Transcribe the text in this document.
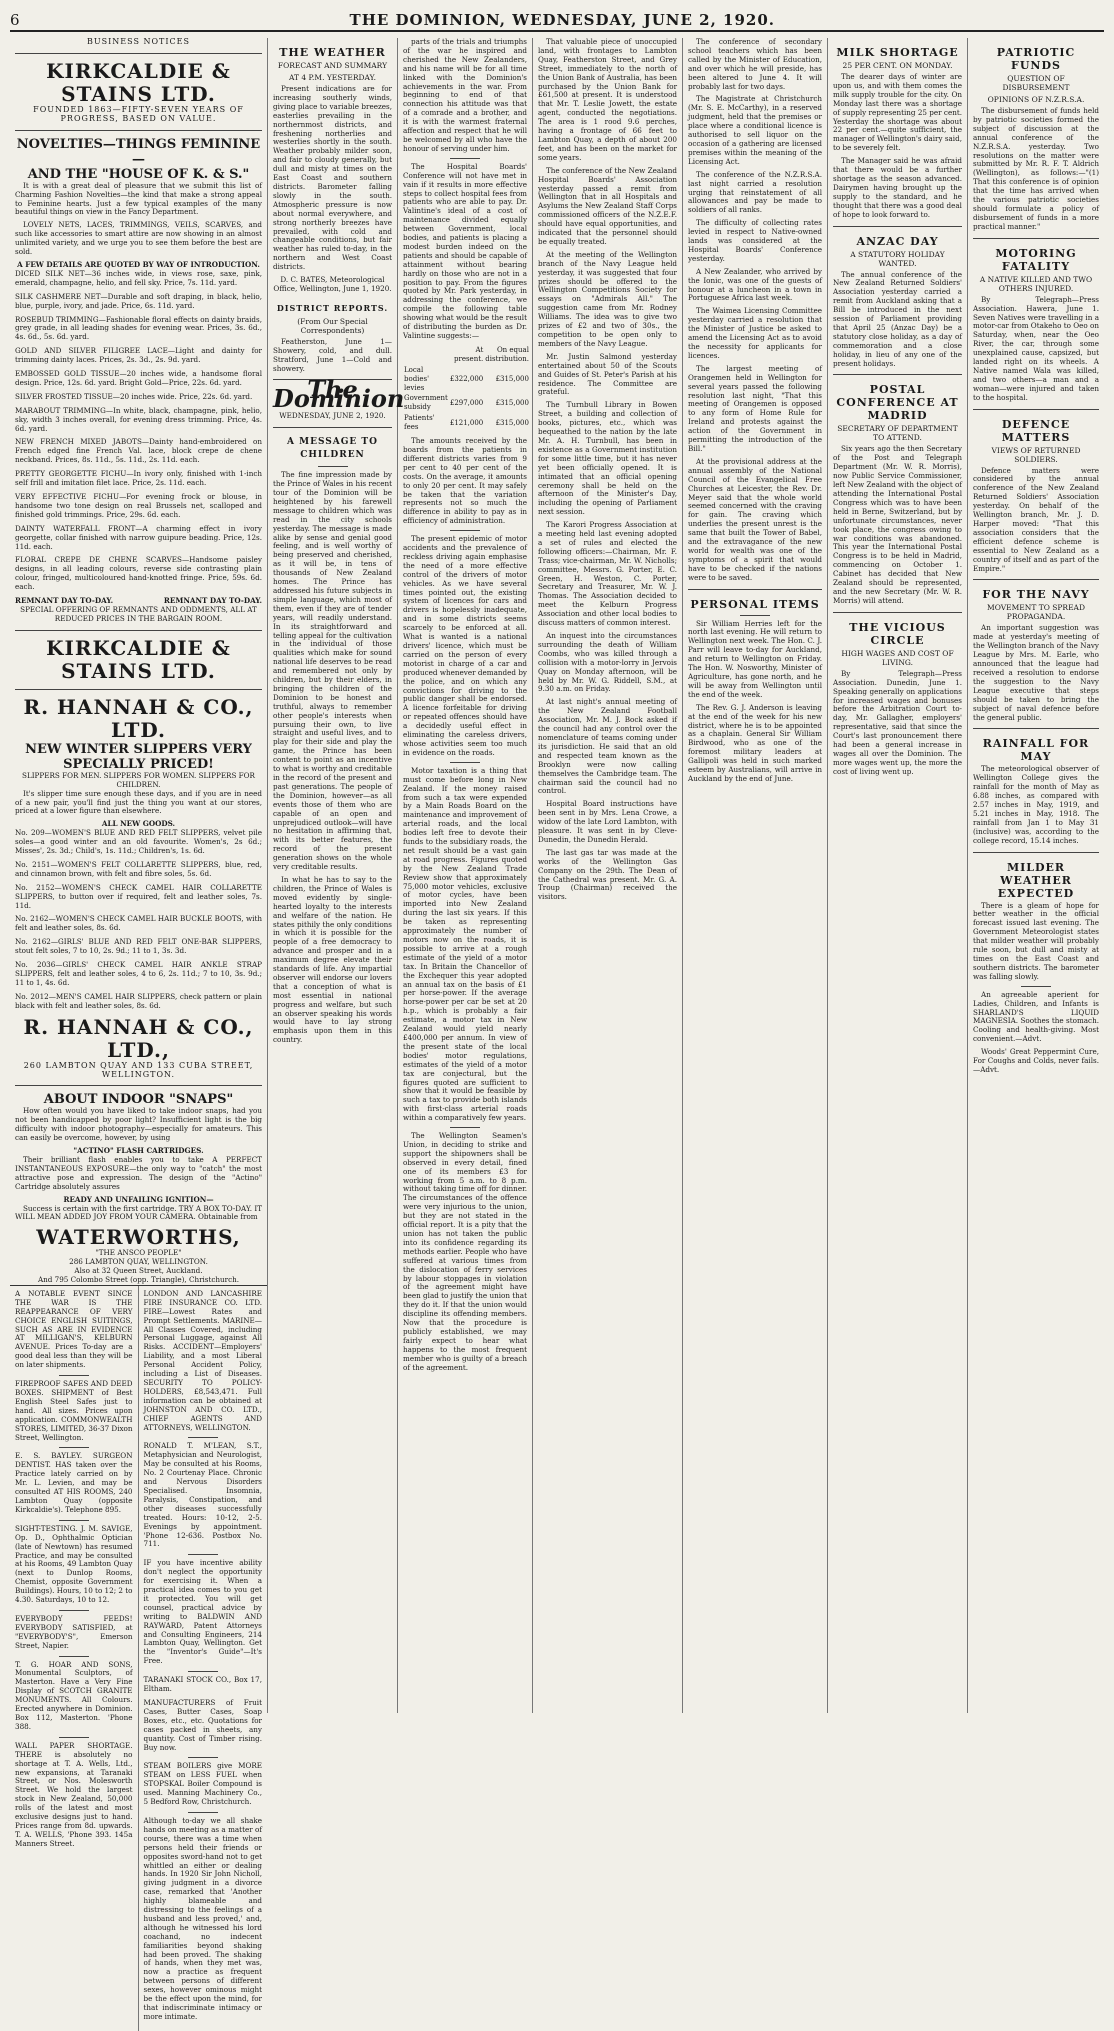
6	THE DOMINION, WEDNESDAY, JUNE 2, 1920.
BUSINESS NOTICES
KIRKCALDIE & STAINS LTD.
FOUNDED 1863—FIFTY-SEVEN YEARS OF PROGRESS, BASED ON VALUE.
NOVELTIES—THINGS FEMININE—
AND THE "HOUSE OF K. & S."

It is with a great deal of pleasure that we submit this list of Charming Fashion Novelties—the kind that make a strong appeal to Feminine hearts. Just a few typical examples of the many beautiful things on view in the Fancy Department.

LOVELY NETS, LACES, TRIMMINGS, VEILS, SCARVES, and such like accessories to smart attire are now showing in an almost unlimited variety, and we urge you to see them before the best are sold.

A FEW DETAILS ARE QUOTED BY WAY OF INTRODUCTION.
DICED SILK NET—36 inches wide, in views rose, saxe, pink, emerald, champagne, helio, and fell sky. Price, 7s. 11d. yard.
SILK CASHMERE NET—Durable and soft draping, in black, helio, blue, purple, ivory, and jade. Price, 6s. 11d. yard.
ROSEBUD TRIMMING—Fashionable floral effects on dainty braids, grey grade, in all leading shades for evening wear. Prices, 3s. 6d., 4s. 6d., 5s. 6d. yard.
GOLD AND SILVER FILIGREE LACE—Light and dainty for trimming dainty laces. Prices, 2s. 3d., 2s. 9d. yard.
EMBOSSED GOLD TISSUE—20 inches wide, a handsome floral design. Price, 12s. 6d. yard. Bright Gold—Price, 22s. 6d. yard.
SILVER FROSTED TISSUE—20 inches wide. Price, 22s. 6d. yard.
MARABOUT TRIMMING—In white, black, champagne, pink, helio, sky, width 3 inches overall, for evening dress trimming. Price, 4s. 6d. yard.
NEW FRENCH MIXED JABOTS—Dainty hand-embroidered on French edged fine French Val. lace, block crepe de chene neckband. Prices, 8s. 11d., 5s. 11d., 2s. 11d. each.
PRETTY GEORGETTE FICHU—In ivory only, finished with 1-inch self frill and imitation filet lace. Price, 2s. 11d. each.
VERY EFFECTIVE FICHU—For evening frock or blouse, in handsome two tone design on real Brussels net, scalloped and finished gold trimmings. Price, 29s. 6d. each.
DAINTY WATERFALL FRONT—A charming effect in ivory georgette, collar finished with narrow guipure beading. Price, 12s. 11d. each.
FLORAL CREPE DE CHENE SCARVES—Handsome paisley designs, in all leading colours, reverse side contrasting plain colour, fringed, multicoloured hand-knotted fringe. Price, 59s. 6d. each.
REMNANT DAY TO-DAY.	REMNANT DAY TO-DAY.
SPECIAL OFFERING OF REMNANTS AND ODDMENTS, ALL AT REDUCED PRICES IN THE BARGAIN ROOM.
KIRKCALDIE & STAINS LTD.
R. HANNAH & CO., LTD.
NEW WINTER SLIPPERS VERY SPECIALLY PRICED!
SLIPPERS FOR MEN. SLIPPERS FOR WOMEN. SLIPPERS FOR CHILDREN.

It's slipper time sure enough these days, and if you are in need of a new pair, you'll find just the thing you want at our stores, priced at a lower figure than elsewhere.

ALL NEW GOODS.
No. 209—WOMEN'S BLUE AND RED FELT SLIPPERS, velvet pile soles—a good winter and an old favourite. Women's, 2s 6d.; Misses', 2s. 3d.; Child's, 1s. 11d.; Children's, 1s. 6d.
No. 2151—WOMEN'S FELT COLLARETTE SLIPPERS, blue, red, and cinnamon brown, with felt and fibre soles, 5s. 6d.
No. 2152—WOMEN'S CHECK CAMEL HAIR COLLARETTE SLIPPERS, to button over if required, felt and leather soles, 7s. 11d.
No. 2162—WOMEN'S CHECK CAMEL HAIR BUCKLE BOOTS, with felt and leather soles, 8s. 6d.
No. 2162—GIRLS' BLUE AND RED FELT ONE-BAR SLIPPERS, stout felt soles, 7 to 10, 2s. 9d.; 11 to 1, 3s. 3d.
No. 2036—GIRLS' CHECK CAMEL HAIR ANKLE STRAP SLIPPERS, felt and leather soles, 4 to 6, 2s. 11d.; 7 to 10, 3s. 9d.; 11 to 1, 4s. 6d.
No. 2012—MEN'S CAMEL HAIR SLIPPERS, check pattern or plain black with felt and leather soles, 8s. 6d.
R. HANNAH & CO., LTD.,
260 LAMBTON QUAY AND 133 CUBA STREET, WELLINGTON.
ABOUT INDOOR "SNAPS"

How often would you have liked to take indoor snaps, had you not been handicapped by poor light? Insufficient light is the big difficulty with indoor photography—especially for amateurs. This can easily be overcome, however, by using

"ACTINO" FLASH CARTRIDGES.

Their brilliant flash enables you to take A PERFECT INSTANTANEOUS EXPOSURE—the only way to "catch" the most attractive pose and expression. The design of the "Actino" Cartridge absolutely assures

READY AND UNFAILING IGNITION—

Success is certain with the first cartridge. TRY A BOX TO-DAY. IT WILL MEAN ADDED JOY FROM YOUR CAMERA. Obtainable from

WATERWORTHS,
"THE ANSCO PEOPLE"
286 LAMBTON QUAY, WELLINGTON.
Also at 32 Queen Street, Auckland.
And 795 Colombo Street (opp. Triangle), Christchurch.
A NOTABLE EVENT SINCE THE WAR IS THE REAPPEARANCE OF VERY CHOICE ENGLISH SUITINGS, SUCH AS ARE IN EVIDENCE AT MILLIGAN'S, KELBURN AVENUE. Prices To-day are a good deal less than they will be on later shipments.
FIREPROOF SAFES AND DEED BOXES. SHIPMENT of Best English Steel Safes just to hand. All sizes. Prices upon application. COMMONWEALTH STORES, LIMITED, 36-37 Dixon Street, Wellington.
E. S. BAYLEY. SURGEON DENTIST. HAS taken over the Practice lately carried on by Mr. L. Levien, and may be consulted AT HIS ROOMS, 240 Lambton Quay (opposite Kirkcaldie's). Telephone 895.
SIGHT-TESTING. J. M. SAVIGE, Op. D., Ophthalmic Optician (late of Newtown) has resumed Practice, and may be consulted at his Rooms, 49 Lambton Quay (next to Dunlop Rooms, Chemist, opposite Government Buildings). Hours, 10 to 12; 2 to 4.30. Saturdays, 10 to 12.
EVERYBODY FEEDS! EVERYBODY SATISFIED, at "EVERYBODY'S", Emerson Street, Napier.
T. G. HOAR AND SONS, Monumental Sculptors, of Masterton. Have a Very Fine Display of SCOTCH GRANITE MONUMENTS. All Colours. Erected anywhere in Dominion. Box 112, Masterton. 'Phone 388.
WALL PAPER SHORTAGE. THERE is absolutely no shortage at T. A. Wells, Ltd., new expansions, at Taranaki Street, or Nos. Molesworth Street. We hold the largest stock in New Zealand, 50,000 rolls of the latest and most exclusive designs just to hand. Prices range from 8d. upwards. T. A. WELLS, 'Phone 393. 145a Manners Street.
LONDON AND LANCASHIRE FIRE INSURANCE CO. LTD. FIRE—Lowest Rates and Prompt Settlements. MARINE—All Classes Covered, including Personal Luggage, against All Risks. ACCIDENT—Employers' Liability, and a most Liberal Personal Accident Policy, including a List of Diseases. SECURITY TO POLICY-HOLDERS, £8,543,471. Full information can be obtained at JOHNSTON AND CO. LTD., CHIEF AGENTS AND ATTORNEYS, WELLINGTON.
RONALD T. M'LEAN, S.T., Metaphysician and Neurologist, May be consulted at his Rooms, No. 2 Courtenay Place. Chronic and Nervous Disorders Specialised. Insomnia, Paralysis, Constipation, and other diseases successfully treated. Hours: 10-12, 2-5. Evenings by appointment. 'Phone 12-636. Postbox No. 711.
IF you have incentive ability don't neglect the opportunity for exercising it. When a practical idea comes to you get it protected. You will get counsel, practical advice by writing to BALDWIN AND RAYWARD, Patent Attorneys and Consulting Engineers, 214 Lambton Quay, Wellington. Get the "Inventor's Guide"—It's Free.
TARANAKI STOCK CO., Box 17, Eltham.
MANUFACTURERS of Fruit Cases, Butter Cases, Soap Boxes, etc., etc. Quotations for cases packed in sheets, any quantity. Cost of Timber rising. Buy now.
STEAM BOILERS give MORE STEAM on LESS FUEL when STOPSKAL Boiler Compound is used. Manning Machinery Co., 5 Bedford Row, Christchurch.
Although to-day we all shake hands on meeting as a matter of course, there was a time when persons held their friends or opposites sword-hand not to get whittled an either or dealing hands. In 1920 Sir John Nicholl, giving judgment in a divorce case, remarked that 'Another highly blameable and distressing to the feelings of a husband and less proved,' and, although he witnessed his lord coachand, no indecent familiarities beyond shaking had been proved. The shaking of hands, when they met was, now a practice as frequent between persons of different sexes, however ominous might be the effect upon the mind, for that indiscriminate intimacy or more intimate.
THE WEATHER
FORECAST AND SUMMARY
AT 4 P.M. YESTERDAY.

Present indications are for increasing southerly winds, giving place to variable breezes, easterlies prevailing in the northernmost districts, and freshening northerlies and westerlies shortly in the south. Weather probably milder soon, and fair to cloudy generally, but dull and misty at times on the East Coast and southern districts. Barometer falling slowly in the south. Atmospheric pressure is now about normal everywhere, and strong northerly breezes have prevailed, with cold and changeable conditions, but fair weather has ruled to-day, in the northern and West Coast districts.

D. C. BATES, Meteorological Office, Wellington, June 1, 1920.
DISTRICT REPORTS.
(From Our Special Correspondents)

Featherston, June 1—Showery, cold, and dull. Stratford, June 1—Cold and showery.

The Dominion
WEDNESDAY, JUNE 2, 1920.
A MESSAGE TO CHILDREN

The fine impression made by the Prince of Wales in his recent tour of the Dominion will be heightened by his farewell message to children which was read in the city schools yesterday. The message is made alike by sense and genial good feeling, and is well worthy of being preserved and cherished, as it will be, in tens of thousands of New Zealand homes. The Prince has addressed his future subjects in simple language, which most of them, even if they are of tender years, will readily understand. In its straightforward and telling appeal for the cultivation in the individual of those qualities which make for sound national life deserves to be read and remembered not only by children, but by their elders, in bringing the children of the Dominion to be honest and truthful, always to remember other people's interests when pursuing their own, to live straight and useful lives, and to play for their side and play the game, the Prince has been content to point as an incentive to what is worthy and creditable in the record of the present and past generations. The people of the Dominion, however—as all events those of them who are capable of an open and unprejudiced outlook—will have no hesitation in affirming that, with its better features, the record of the present generation shows on the whole very creditable results.

In what he has to say to the children, the Prince of Wales is moved evidently by single-hearted loyalty to the interests and welfare of the nation. He states pithily the only conditions in which it is possible for the people of a free democracy to advance and prosper and in a maximum degree elevate their standards of life. Any impartial observer will endorse our lovers that a conception of what is most essential in national progress and welfare, but such an observer speaking his words would have to lay strong emphasis upon them in this country.

parts of the trials and triumphs of the war he inspired and cherished the New Zealanders, and his name will be for all time linked with the Dominion's achievements in the war. From beginning to end of that connection his attitude was that of a comrade and a brother, and it is with the warmest fraternal affection and respect that he will be welcomed by all who have the honour of serving under him.

The Hospital Boards' Conference will not have met in vain if it results in more effective steps to collect hospital fees from patients who are able to pay. Dr. Valintine's ideal of a cost of maintenance divided equally between Government, local bodies, and patients is placing a modest burden indeed on the patients and should be capable of attainment without bearing hardly on those who are not in a position to pay. From the figures quoted by Mr. Park yesterday, in addressing the conference, we compile the following table showing what would be the result of distributing the burden as Dr. Valintine suggests:—

	At present.	On equal distribution.
Local bodies' levies	£322,000	£315,000
Government subsidy	£297,000	£315,000
Patients' fees	£121,000	£315,000

The amounts received by the boards from the patients in different districts varies from 9 per cent to 40 per cent of the costs. On the average, it amounts to only 20 per cent. It may safely be taken that the variation represents not so much the difference in ability to pay as in efficiency of administration.

The present epidemic of motor accidents and the prevalence of reckless driving again emphasise the need of a more effective control of the drivers of motor vehicles. As we have several times pointed out, the existing system of licences for cars and drivers is hopelessly inadequate, and in some districts seems scarcely to be enforced at all. What is wanted is a national drivers' licence, which must be carried on the person of every motorist in charge of a car and produced whenever demanded by the police, and on which any convictions for driving to the public danger shall be endorsed. A licence forfeitable for driving or repeated offences should have a decidedly useful effect in eliminating the careless drivers, whose activities seem too much in evidence on the roads.

Motor taxation is a thing that must come before long in New Zealand. If the money raised from such a tax were expended by a Main Roads Board on the maintenance and improvement of arterial roads, and the local bodies left free to devote their funds to the subsidiary roads, the net result should be a vast gain at road progress. Figures quoted by the New Zealand Trade Review show that approximately 75,000 motor vehicles, exclusive of motor cycles, have been imported into New Zealand during the last six years. If this be taken as representing approximately the number of motors now on the roads, it is possible to arrive at a rough estimate of the yield of a motor tax. In Britain the Chancellor of the Exchequer this year adopted an annual tax on the basis of £1 per horse-power. If the average horse-power per car be set at 20 h.p., which is probably a fair estimate, a motor tax in New Zealand would yield nearly £400,000 per annum. In view of the present state of the local bodies' motor regulations, estimates of the yield of a motor tax are conjectural, but the figures quoted are sufficient to show that it would be feasible by such a tax to provide both islands with first-class arterial roads within a comparatively few years.

The Wellington Seamen's Union, in deciding to strike and support the shipowners shall be observed in every detail, fined one of its members £3 for working from 5 a.m. to 8 p.m. without taking time off for dinner. The circumstances of the offence were very injurious to the union, but they are not stated in the official report. It is a pity that the union has not taken the public into its confidence regarding its methods earlier. People who have suffered at various times from the dislocation of ferry services by labour stoppages in violation of the agreement might have been glad to justify the union that they do it. If that the union would discipline its offending members. Now that the procedure is publicly established, we may fairly expect to hear what happens to the most frequent member who is guilty of a breach of the agreement.

That valuable piece of unoccupied land, with frontages to Lambton Quay, Featherston Street, and Grey Street, immediately to the north of the Union Bank of Australia, has been purchased by the Union Bank for £61,500 at present. It is understood that Mr. T. Leslie Jowett, the estate agent, conducted the negotiations. The area is 1 rood 9.6 perches, having a frontage of 66 feet to Lambton Quay, a depth of about 200 feet, and has been on the market for some years.

The conference of the New Zealand Hospital Boards' Association yesterday passed a remit from Wellington that in all Hospitals and Asylums the New Zealand Staff Corps commissioned officers of the N.Z.E.F. should have equal opportunities, and indicated that the personnel should be equally treated.

At the meeting of the Wellington branch of the Navy League held yesterday, it was suggested that four prizes should be offered to the Wellington Competitions Society for essays on "Admirals All." The suggestion came from Mr. Rodney Williams. The idea was to give two prizes of £2 and two of 30s., the competition to be open only to members of the Navy League.

Mr. Justin Salmond yesterday entertained about 50 of the Scouts and Guides of St. Peter's Parish at his residence. The Committee are grateful.

The Turnbull Library in Bowen Street, a building and collection of books, pictures, etc., which was bequeathed to the nation by the late Mr. A. H. Turnbull, has been in existence as a Government institution for some little time, but it has never yet been officially opened. It is intimated that an official opening ceremony shall be held on the afternoon of the Minister's Day, including the opening of Parliament next session.

The Karori Progress Association at a meeting held last evening adopted a set of rules and elected the following officers:—Chairman, Mr. F. Trass; vice-chairman, Mr. W. Nicholls; committee, Messrs. G. Porter, E. C. Green, H. Weston, C. Porter, Secretary and Treasurer, Mr. W. J. Thomas. The Association decided to meet the Kelburn Progress Association and other local bodies to discuss matters of common interest.

An inquest into the circumstances surrounding the death of William Coombs, who was killed through a collision with a motor-lorry in Jervois Quay on Monday afternoon, will be held by Mr. W. G. Riddell, S.M., at 9.30 a.m. on Friday.

At last night's annual meeting of the New Zealand Football Association, Mr. M. J. Bock asked if the council had any control over the nomenclature of teams coming under its jurisdiction. He said that an old and respected team known as the Brooklyn were now calling themselves the Cambridge team. The chairman said the council had no control.

Hospital Board instructions have been sent in by Mrs. Lena Crowe, a widow of the late Lord Lambton, with pleasure. It was sent in by Cleve-Dunedin, the Dunedin Herald.

The last gas tar was made at the works of the Wellington Gas Company on the 29th. The Dean of the Cathedral was present. Mr. G. A. Troup (Chairman) received the visitors.

The conference of secondary school teachers which has been called by the Minister of Education, and over which he will preside, has been altered to June 4. It will probably last for two days.

The Magistrate at Christchurch (Mr. S. E. McCarthy), in a reserved judgment, held that the premises or place where a conditional licence is authorised to sell liquor on the occasion of a gathering are licensed premises within the meaning of the Licensing Act.

The conference of the N.Z.R.S.A. last night carried a resolution urging that reinstatement of all allowances and pay be made to soldiers of all ranks.

The difficulty of collecting rates levied in respect to Native-owned lands was considered at the Hospital Boards' Conference yesterday.

A New Zealander, who arrived by the Ionic, was one of the guests of honour at a luncheon in a town in Portuguese Africa last week.

The Waimea Licensing Committee yesterday carried a resolution that the Minister of Justice be asked to amend the Licensing Act as to avoid the necessity for applicants for licences.

The largest meeting of Orangemen held in Wellington for several years passed the following resolution last night, "That this meeting of Orangemen is opposed to any form of Home Rule for Ireland and protests against the action of the Government in permitting the introduction of the Bill."

At the provisional address at the annual assembly of the National Council of the Evangelical Free Churches at Leicester, the Rev. Dr. Meyer said that the whole world seemed concerned with the craving for gain. The craving which underlies the present unrest is the same that built the Tower of Babel, and the extravagance of the new world for wealth was one of the symptoms of a spirit that would have to be checked if the nations were to be saved.

PERSONAL ITEMS

Sir William Herries left for the north last evening. He will return to Wellington next week. The Hon. C. J. Parr will leave to-day for Auckland, and return to Wellington on Friday. The Hon. W. Nosworthy, Minister of Agriculture, has gone north, and he will be away from Wellington until the end of the week.

The Rev. G. J. Anderson is leaving at the end of the week for his new district, where he is to be appointed as a chaplain. General Sir William Birdwood, who as one of the foremost military leaders at Gallipoli was held in such marked esteem by Australians, will arrive in Auckland by the end of June.

MILK SHORTAGE
25 PER CENT. ON MONDAY.

The dearer days of winter are upon us, and with them comes the milk supply trouble for the city. On Monday last there was a shortage of supply representing 25 per cent. Yesterday the shortage was about 22 per cent.—quite sufficient, the manager of Wellington's dairy said, to be severely felt.

The Manager said he was afraid that there would be a further shortage as the season advanced. Dairymen having brought up the supply to the standard, and he thought that there was a good deal of hope to look forward to.

ANZAC DAY
A STATUTORY HOLIDAY WANTED.

The annual conference of the New Zealand Returned Soldiers' Association yesterday carried a remit from Auckland asking that a Bill be introduced in the next session of Parliament providing that April 25 (Anzac Day) be a statutory close holiday, as a day of commemoration and a close holiday, in lieu of any one of the present holidays.

POSTAL CONFERENCE AT MADRID
SECRETARY OF DEPARTMENT TO ATTEND.

Six years ago the then Secretary of the Post and Telegraph Department (Mr. W. R. Morris), now Public Service Commissioner, left New Zealand with the object of attending the International Postal Congress which was to have been held in Berne, Switzerland, but by unfortunate circumstances, never took place, the congress owing to war conditions was abandoned. This year the International Postal Congress is to be held in Madrid, commencing on October 1. Cabinet has decided that New Zealand should be represented, and the new Secretary (Mr. W. R. Morris) will attend.

THE VICIOUS CIRCLE
HIGH WAGES AND COST OF LIVING.

By Telegraph—Press Association. Dunedin, June 1. Speaking generally on applications for increased wages and bonuses before the Arbitration Court to-day, Mr. Gallagher, employers' representative, said that since the Court's last pronouncement there had been a general increase in wages all over the Dominion. The more wages went up, the more the cost of living went up.

PATRIOTIC FUNDS
QUESTION OF DISBURSEMENT
OPINIONS OF N.Z.R.S.A.

The disbursement of funds held by patriotic societies formed the subject of discussion at the annual conference of the N.Z.R.S.A. yesterday. Two resolutions on the matter were submitted by Mr. R. F. T. Aldrich (Wellington), as follows:—"(1) That this conference is of opinion that the time has arrived when the various patriotic societies should formulate a policy of disbursement of funds in a more practical manner."

MOTORING FATALITY
A NATIVE KILLED AND TWO OTHERS INJURED.

By Telegraph—Press Association. Hawera, June 1. Seven Natives were travelling in a motor-car from Otakeho to Oeo on Saturday, when, near the Oeo River, the car, through some unexplained cause, capsized, but landed right on its wheels. A Native named Wala was killed, and two others—a man and a woman—were injured and taken to the hospital.

DEFENCE MATTERS
VIEWS OF RETURNED SOLDIERS.

Defence matters were considered by the annual conference of the New Zealand Returned Soldiers' Association yesterday. On behalf of the Wellington branch, Mr. J. D. Harper moved: "That this association considers that the efficient defence scheme is essential to New Zealand as a country of itself and as part of the Empire."

FOR THE NAVY
MOVEMENT TO SPREAD PROPAGANDA.

An important suggestion was made at yesterday's meeting of the Wellington branch of the Navy League by Mrs. M. Earle, who announced that the league had received a resolution to endorse the suggestion to the Navy League executive that steps should be taken to bring the subject of naval defence before the general public.

RAINFALL FOR MAY

The meteorological observer of Wellington College gives the rainfall for the month of May as 6.88 inches, as compared with 2.57 inches in May, 1919, and 5.21 inches in May, 1918. The rainfall from Jan 1 to May 31 (inclusive) was, according to the college record, 15.14 inches.

MILDER WEATHER EXPECTED

There is a gleam of hope for better weather in the official forecast issued last evening. The Government Meteorologist states that milder weather will probably rule soon, but dull and misty at times on the East Coast and southern districts. The barometer was falling slowly.

An agreeable aperient for Ladies, Children, and Infants is SHARLAND'S LIQUID MAGNESIA. Soothes the stomach. Cooling and health-giving. Most convenient.—Advt.

Woods' Great Peppermint Cure, For Coughs and Colds, never fails.—Advt.
